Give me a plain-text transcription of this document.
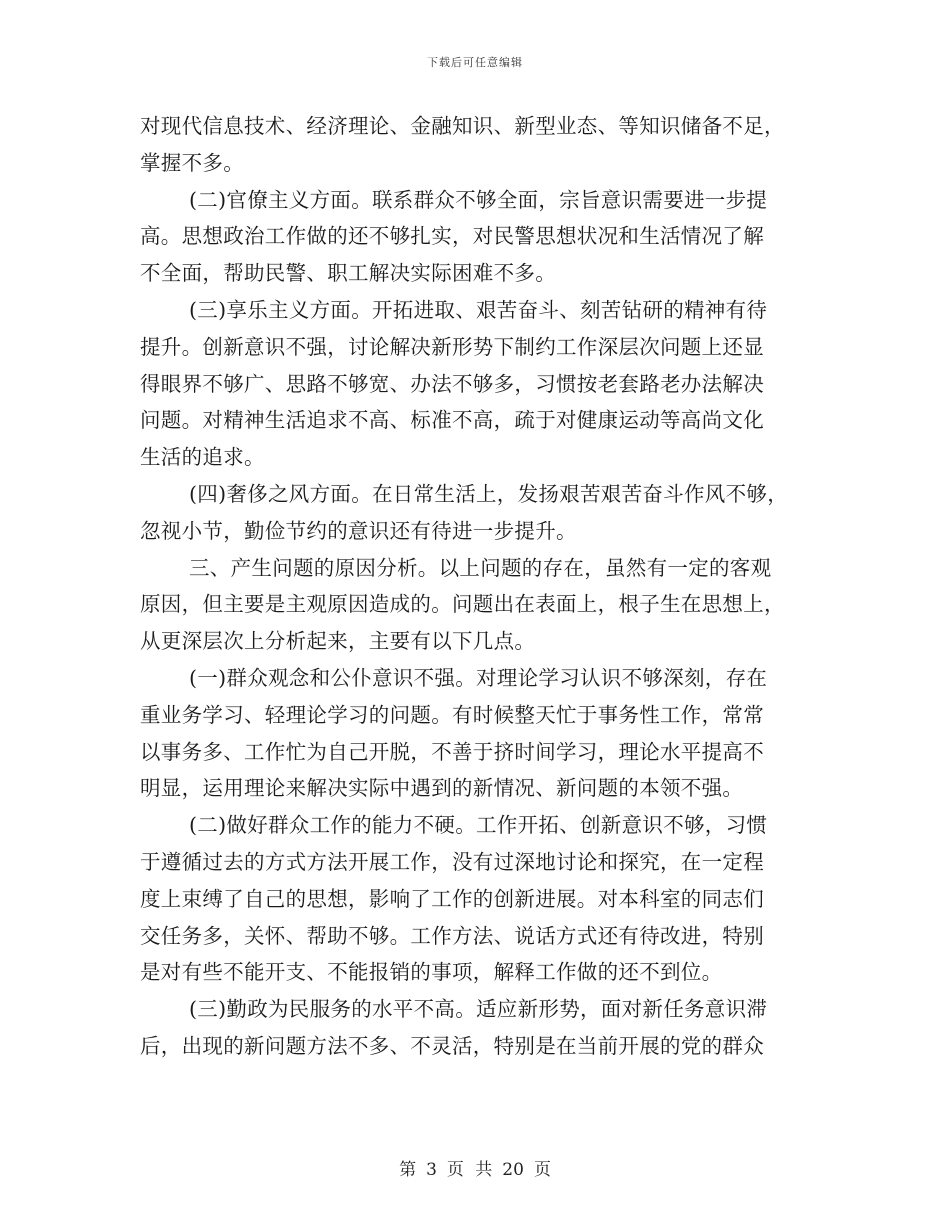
下载后可任意编辑
对现代信息技术、经济理论、金融知识、新型业态、等知识储备不足，
掌握不多。
(二)官僚主义方面。联系群众不够全面，宗旨意识需要进一步提
高。思想政治工作做的还不够扎实，对民警思想状况和生活情况了解
不全面，帮助民警、职工解决实际困难不多。
(三)享乐主义方面。开拓进取、艰苦奋斗、刻苦钻研的精神有待
提升。创新意识不强，讨论解决新形势下制约工作深层次问题上还显
得眼界不够广、思路不够宽、办法不够多，习惯按老套路老办法解决
问题。对精神生活追求不高、标准不高，疏于对健康运动等高尚文化
生活的追求。
(四)奢侈之风方面。在日常生活上，发扬艰苦艰苦奋斗作风不够，
忽视小节，勤俭节约的意识还有待进一步提升。
三、产生问题的原因分析。以上问题的存在，虽然有一定的客观
原因，但主要是主观原因造成的。问题出在表面上，根子生在思想上，
从更深层次上分析起来，主要有以下几点。
(一)群众观念和公仆意识不强。对理论学习认识不够深刻，存在
重业务学习、轻理论学习的问题。有时候整天忙于事务性工作，常常
以事务多、工作忙为自己开脱，不善于挤时间学习，理论水平提高不
明显，运用理论来解决实际中遇到的新情况、新问题的本领不强。
(二)做好群众工作的能力不硬。工作开拓、创新意识不够，习惯
于遵循过去的方式方法开展工作，没有过深地讨论和探究，在一定程
度上束缚了自己的思想，影响了工作的创新进展。对本科室的同志们
交任务多，关怀、帮助不够。工作方法、说话方式还有待改进，特别
是对有些不能开支、不能报销的事项，解释工作做的还不到位。
(三)勤政为民服务的水平不高。适应新形势，面对新任务意识滞
后，出现的新问题方法不多、不灵活，特别是在当前开展的党的群众
第 3 页 共 20 页
